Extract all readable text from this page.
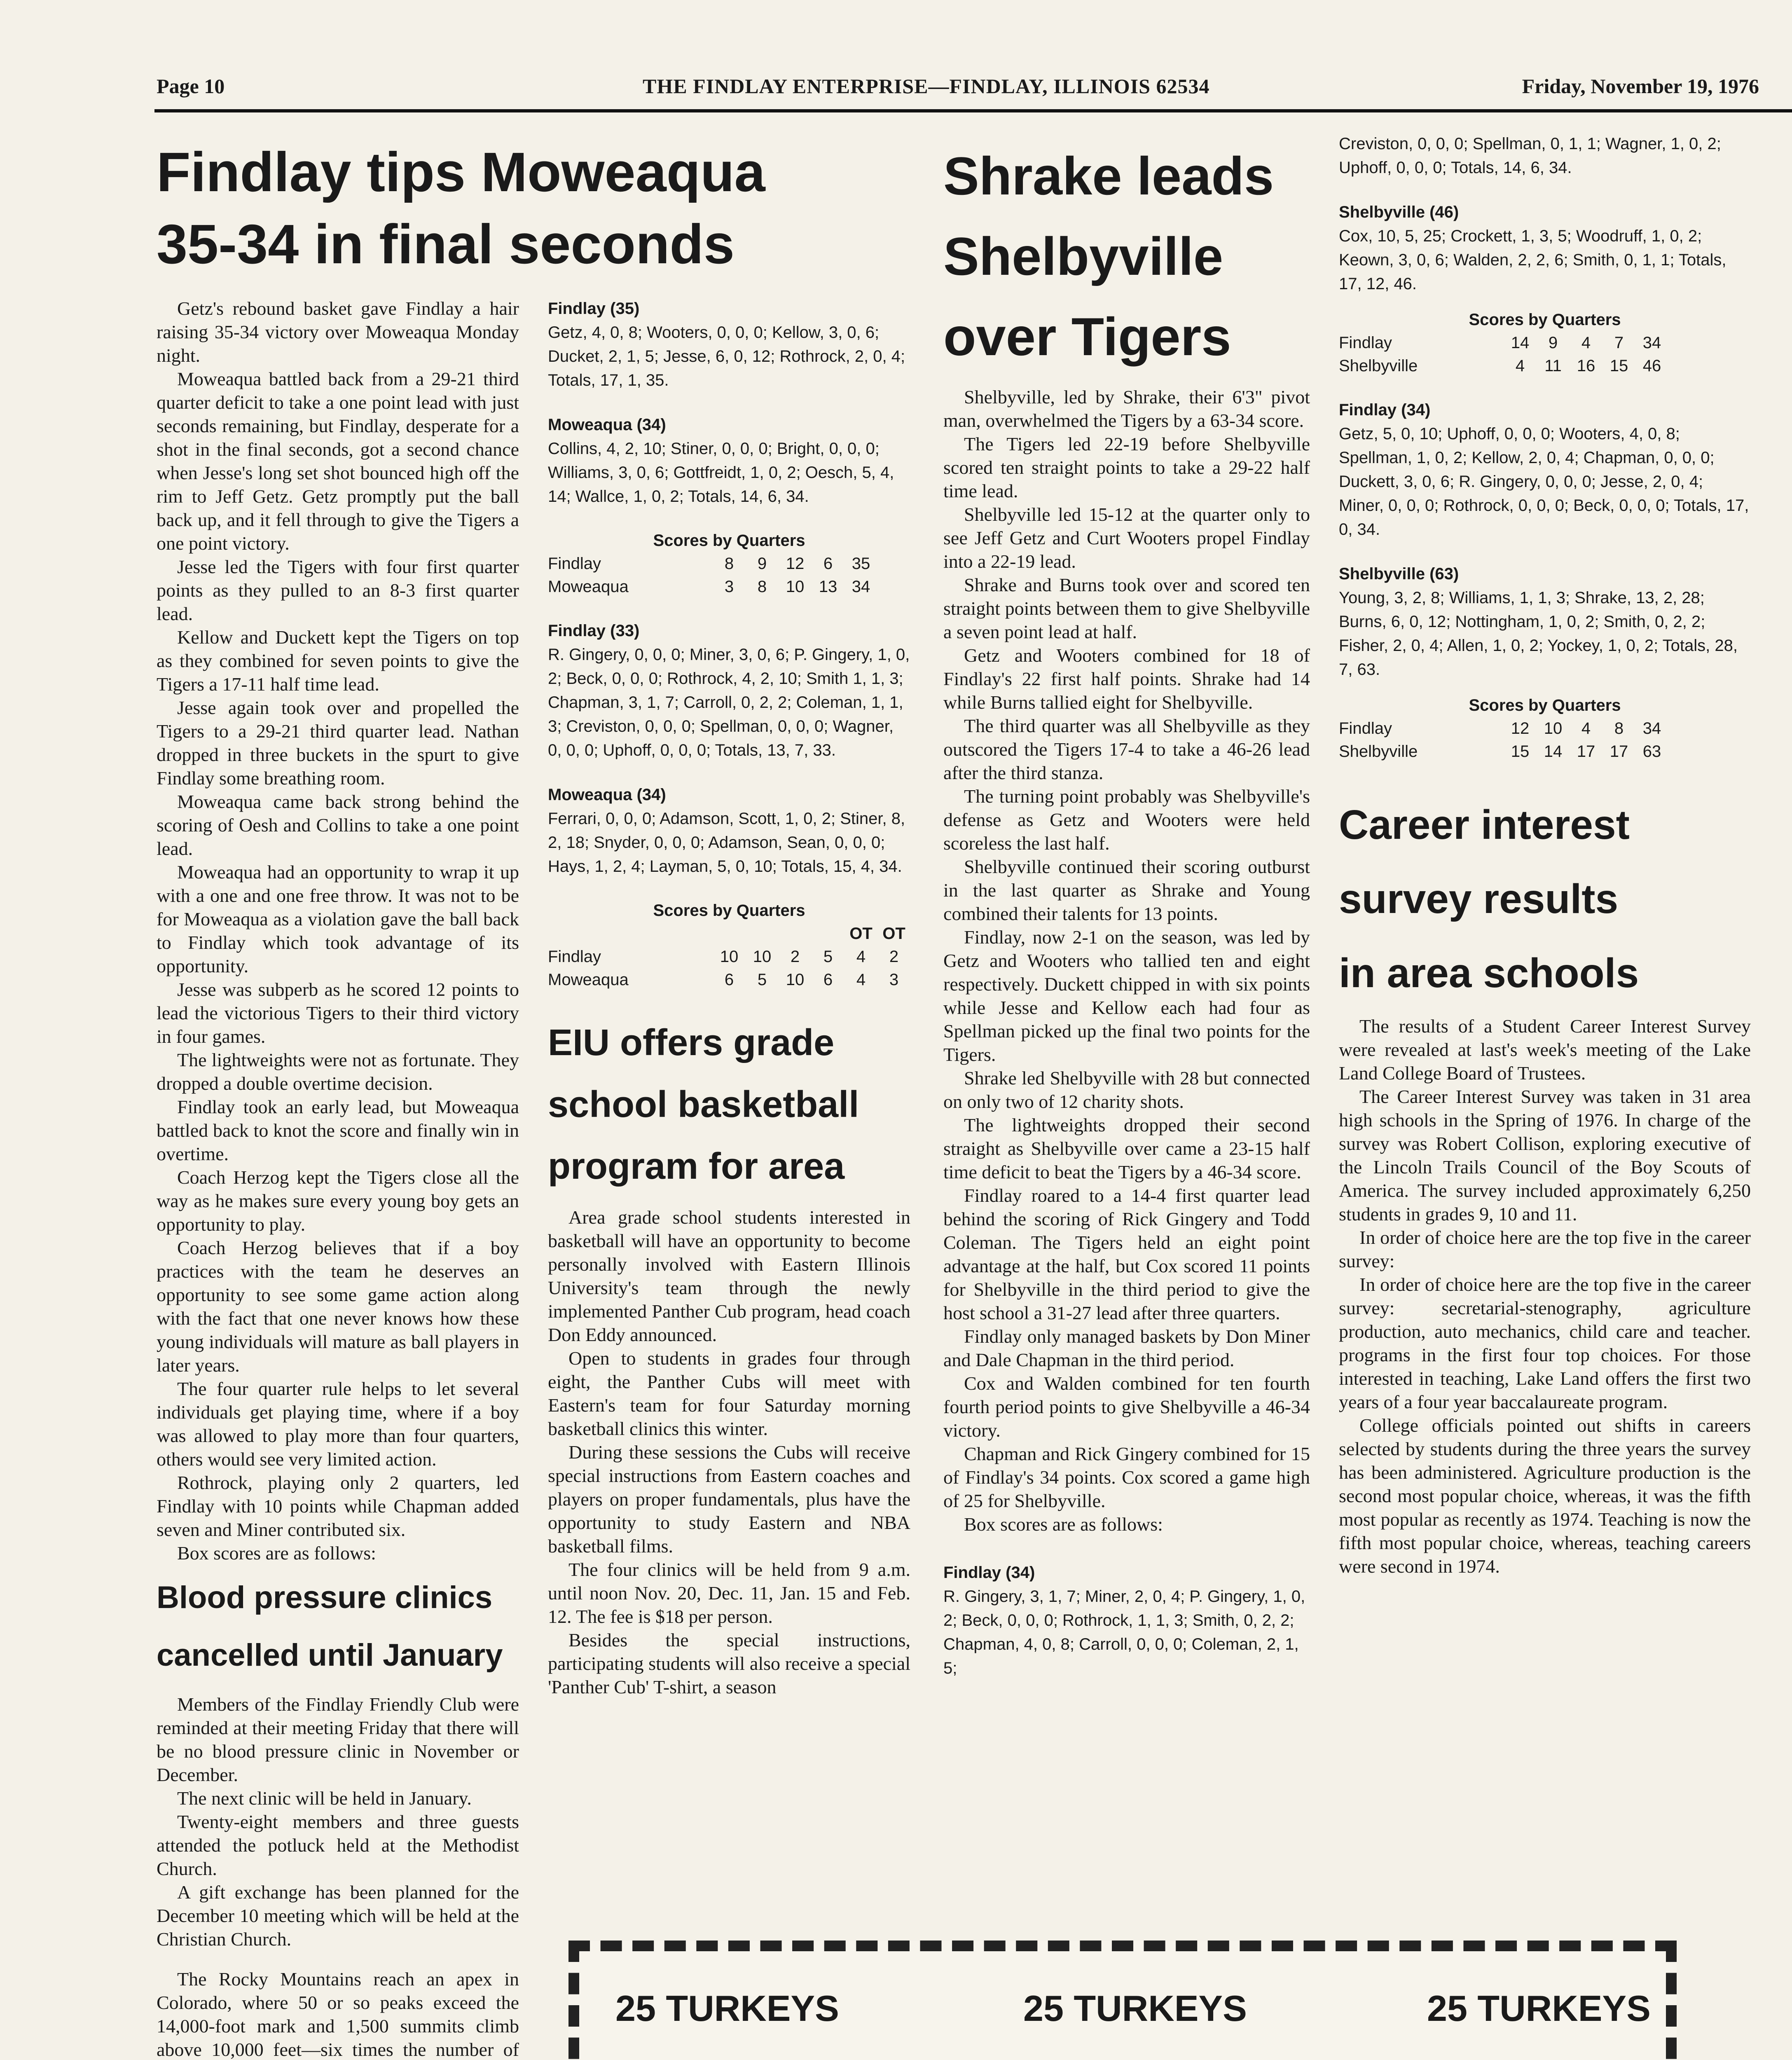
Page 10	THE FINDLAY ENTERPRISE—FINDLAY, ILLINOIS 62534	Friday, November 19, 1976
Findlay tips Moweaqua
35-34 in final seconds

Getz's rebound basket gave Findlay a hair raising 35-34 victory over Moweaqua Monday night.

Moweaqua battled back from a 29-21 third quarter deficit to take a one point lead with just seconds remaining, but Findlay, desperate for a shot in the final seconds, got a second chance when Jesse's long set shot bounced high off the rim to Jeff Getz. Getz promptly put the ball back up, and it fell through to give the Tigers a one point victory.

Jesse led the Tigers with four first quarter points as they pulled to an 8-3 first quarter lead.

Kellow and Duckett kept the Tigers on top as they combined for seven points to give the Tigers a 17-11 half time lead.

Jesse again took over and propelled the Tigers to a 29-21 third quarter lead. Nathan dropped in three buckets in the spurt to give Findlay some breathing room.

Moweaqua came back strong behind the scoring of Oesh and Collins to take a one point lead.

Moweaqua had an opportunity to wrap it up with a one and one free throw. It was not to be for Moweaqua as a violation gave the ball back to Findlay which took advantage of its opportunity.

Jesse was subperb as he scored 12 points to lead the victorious Tigers to their third victory in four games.

The lightweights were not as fortunate. They dropped a double overtime decision.

Findlay took an early lead, but Moweaqua battled back to knot the score and finally win in overtime.

Coach Herzog kept the Tigers close all the way as he makes sure every young boy gets an opportunity to play.

Coach Herzog believes that if a boy practices with the team he deserves an opportunity to see some game action along with the fact that one never knows how these young individuals will mature as ball players in later years.

The four quarter rule helps to let several individuals get playing time, where if a boy was allowed to play more than four quarters, others would see very limited action.

Rothrock, playing only 2 quarters, led Findlay with 10 points while Chapman added seven and Miner contributed six.

Box scores are as follows:

Blood pressure clinics
cancelled until January

Members of the Findlay Friendly Club were reminded at their meeting Friday that there will be no blood pressure clinic in November or December.

The next clinic will be held in January.

Twenty-eight members and three guests attended the potluck held at the Methodist Church.

A gift exchange has been planned for the December 10 meeting which will be held at the Christian Church.

The Rocky Mountains reach an apex in Colorado, where 50 or so peaks exceed the 14,000-foot mark and 1,500 summits climb above 10,000 feet—six times the number of

Findlay (35)

Getz, 4, 0, 8; Wooters, 0, 0, 0; Kellow, 3, 0, 6; Ducket, 2, 1, 5; Jesse, 6, 0, 12; Rothrock, 2, 0, 4; Totals, 17, 1, 35.

Moweaqua (34)

Collins, 4, 2, 10; Stiner, 0, 0, 0; Bright, 0, 0, 0; Williams, 3, 0, 6; Gottfreidt, 1, 0, 2; Oesch, 5, 4, 14; Wallce, 1, 0, 2; Totals, 14, 6, 34.

Scores by Quarters
Findlay	8	9	12	6	35
Moweaqua	3	8	10 13 34

Findlay (33)

R. Gingery, 0, 0, 0; Miner, 3, 0, 6; P. Gingery, 1, 0, 2; Beck, 0, 0, 0; Rothrock, 4, 2, 10; Smith 1, 1, 3; Chapman, 3, 1, 7; Carroll, 0, 2, 2; Coleman, 1, 1, 3; Creviston, 0, 0, 0; Spellman, 0, 0, 0; Wagner, 0, 0, 0; Uphoff, 0, 0, 0; Totals, 13, 7, 33.

Moweaqua (34)

Ferrari, 0, 0, 0; Adamson, Scott, 1, 0, 2; Stiner, 8, 2, 18; Snyder, 0, 0, 0; Adamson, Sean, 0, 0, 0; Hays, 1, 2, 4; Layman, 5, 0, 10; Totals, 15, 4, 34.

Scores by Quarters
OT OT
Findlay	10 10	2	5	4	2
Moweaqua	6	5	10	6	4	3
EIU offers grade
school basketball
program for area

Area grade school students interested in basketball will have an opportunity to become personally involved with Eastern Illinois University's team through the newly implemented Panther Cub program, head coach Don Eddy announced.

Open to students in grades four through eight, the Panther Cubs will meet with Eastern's team for four Saturday morning basketball clinics this winter.

During these sessions the Cubs will receive special instructions from Eastern coaches and players on proper fundamentals, plus have the opportunity to study Eastern and NBA basketball films.

The four clinics will be held from 9 a.m. until noon Nov. 20, Dec. 11, Jan. 15 and Feb. 12. The fee is $18 per person.

Besides the special instructions, participating students will also receive a special 'Panther Cub' T-shirt, a season

Shrake leads
Shelbyville
over Tigers

Shelbyville, led by Shrake, their 6'3" pivot man, overwhelmed the Tigers by a 63-34 score.

The Tigers led 22-19 before Shelbyville scored ten straight points to take a 29-22 half time lead.

Shelbyville led 15-12 at the quarter only to see Jeff Getz and Curt Wooters propel Findlay into a 22-19 lead.

Shrake and Burns took over and scored ten straight points between them to give Shelbyville a seven point lead at half.

Getz and Wooters combined for 18 of Findlay's 22 first half points. Shrake had 14 while Burns tallied eight for Shelbyville.

The third quarter was all Shelbyville as they outscored the Tigers 17-4 to take a 46-26 lead after the third stanza.

The turning point probably was Shelbyville's defense as Getz and Wooters were held scoreless the last half.

Shelbyville continued their scoring outburst in the last quarter as Shrake and Young combined their talents for 13 points.

Findlay, now 2-1 on the season, was led by Getz and Wooters who tallied ten and eight respectively. Duckett chipped in with six points while Jesse and Kellow each had four as Spellman picked up the final two points for the Tigers.

Shrake led Shelbyville with 28 but connected on only two of 12 charity shots.

The lightweights dropped their second straight as Shelbyville over came a 23-15 half time deficit to beat the Tigers by a 46-34 score.

Findlay roared to a 14-4 first quarter lead behind the scoring of Rick Gingery and Todd Coleman. The Tigers held an eight point advantage at the half, but Cox scored 11 points for Shelbyville in the third period to give the host school a 31-27 lead after three quarters.

Findlay only managed baskets by Don Miner and Dale Chapman in the third period.

Cox and Walden combined for ten fourth fourth period points to give Shelbyville a 46-34 victory.

Chapman and Rick Gingery combined for 15 of Findlay's 34 points. Cox scored a game high of 25 for Shelbyville.

Box scores are as follows:

Findlay (34)

R. Gingery, 3, 1, 7; Miner, 2, 0, 4; P. Gingery, 1, 0, 2; Beck, 0, 0, 0; Rothrock, 1, 1, 3; Smith, 0, 2, 2; Chapman, 4, 0, 8; Carroll, 0, 0, 0; Coleman, 2, 1, 5;

Creviston, 0, 0, 0; Spellman, 0, 1, 1; Wagner, 1, 0, 2; Uphoff, 0, 0, 0; Totals, 14, 6, 34.

Shelbyville (46)

Cox, 10, 5, 25; Crockett, 1, 3, 5; Woodruff, 1, 0, 2; Keown, 3, 0, 6; Walden, 2, 2, 6; Smith, 0, 1, 1; Totals, 17, 12, 46.

Scores by Quarters
Findlay	14	9	4	7	34
Shelbyville	4	11 16 15 46

Findlay (34)

Getz, 5, 0, 10; Uphoff, 0, 0, 0; Wooters, 4, 0, 8; Spellman, 1, 0, 2; Kellow, 2, 0, 4; Chapman, 0, 0, 0; Duckett, 3, 0, 6; R. Gingery, 0, 0, 0; Jesse, 2, 0, 4; Miner, 0, 0, 0; Rothrock, 0, 0, 0; Beck, 0, 0, 0; Totals, 17, 0, 34.

Shelbyville (63)

Young, 3, 2, 8; Williams, 1, 1, 3; Shrake, 13, 2, 28; Burns, 6, 0, 12; Nottingham, 1, 0, 2; Smith, 0, 2, 2; Fisher, 2, 0, 4; Allen, 1, 0, 2; Yockey, 1, 0, 2; Totals, 28, 7, 63.

Scores by Quarters
Findlay	12 10	4	8	34
Shelbyville	15 14 17 17 63
Career interest
survey results
in area schools

The results of a Student Career Interest Survey were revealed at last's week's meeting of the Lake Land College Board of Trustees.

The Career Interest Survey was taken in 31 area high schools in the Spring of 1976. In charge of the survey was Robert Collison, exploring executive of the Lincoln Trails Council of the Boy Scouts of America. The survey included approximately 6,250 students in grades 9, 10 and 11.

In order of choice here are the top five in the career survey:

In order of choice here are the top five in the career survey: secretarial-stenography, agriculture production, auto mechanics, child care and teacher. programs in the first four top choices. For those interested in teaching, Lake Land offers the first two years of a four year baccalaureate program.

College officials pointed out shifts in careers selected by students during the three years the survey has been administered. Agriculture production is the second most popular choice, whereas, it was the fifth most popular as recently as 1974. Teaching is now the fifth most popular choice, whereas, teaching careers were second in 1974.

25 TURKEYS	25 TURKEYS	25 TURKEYS
